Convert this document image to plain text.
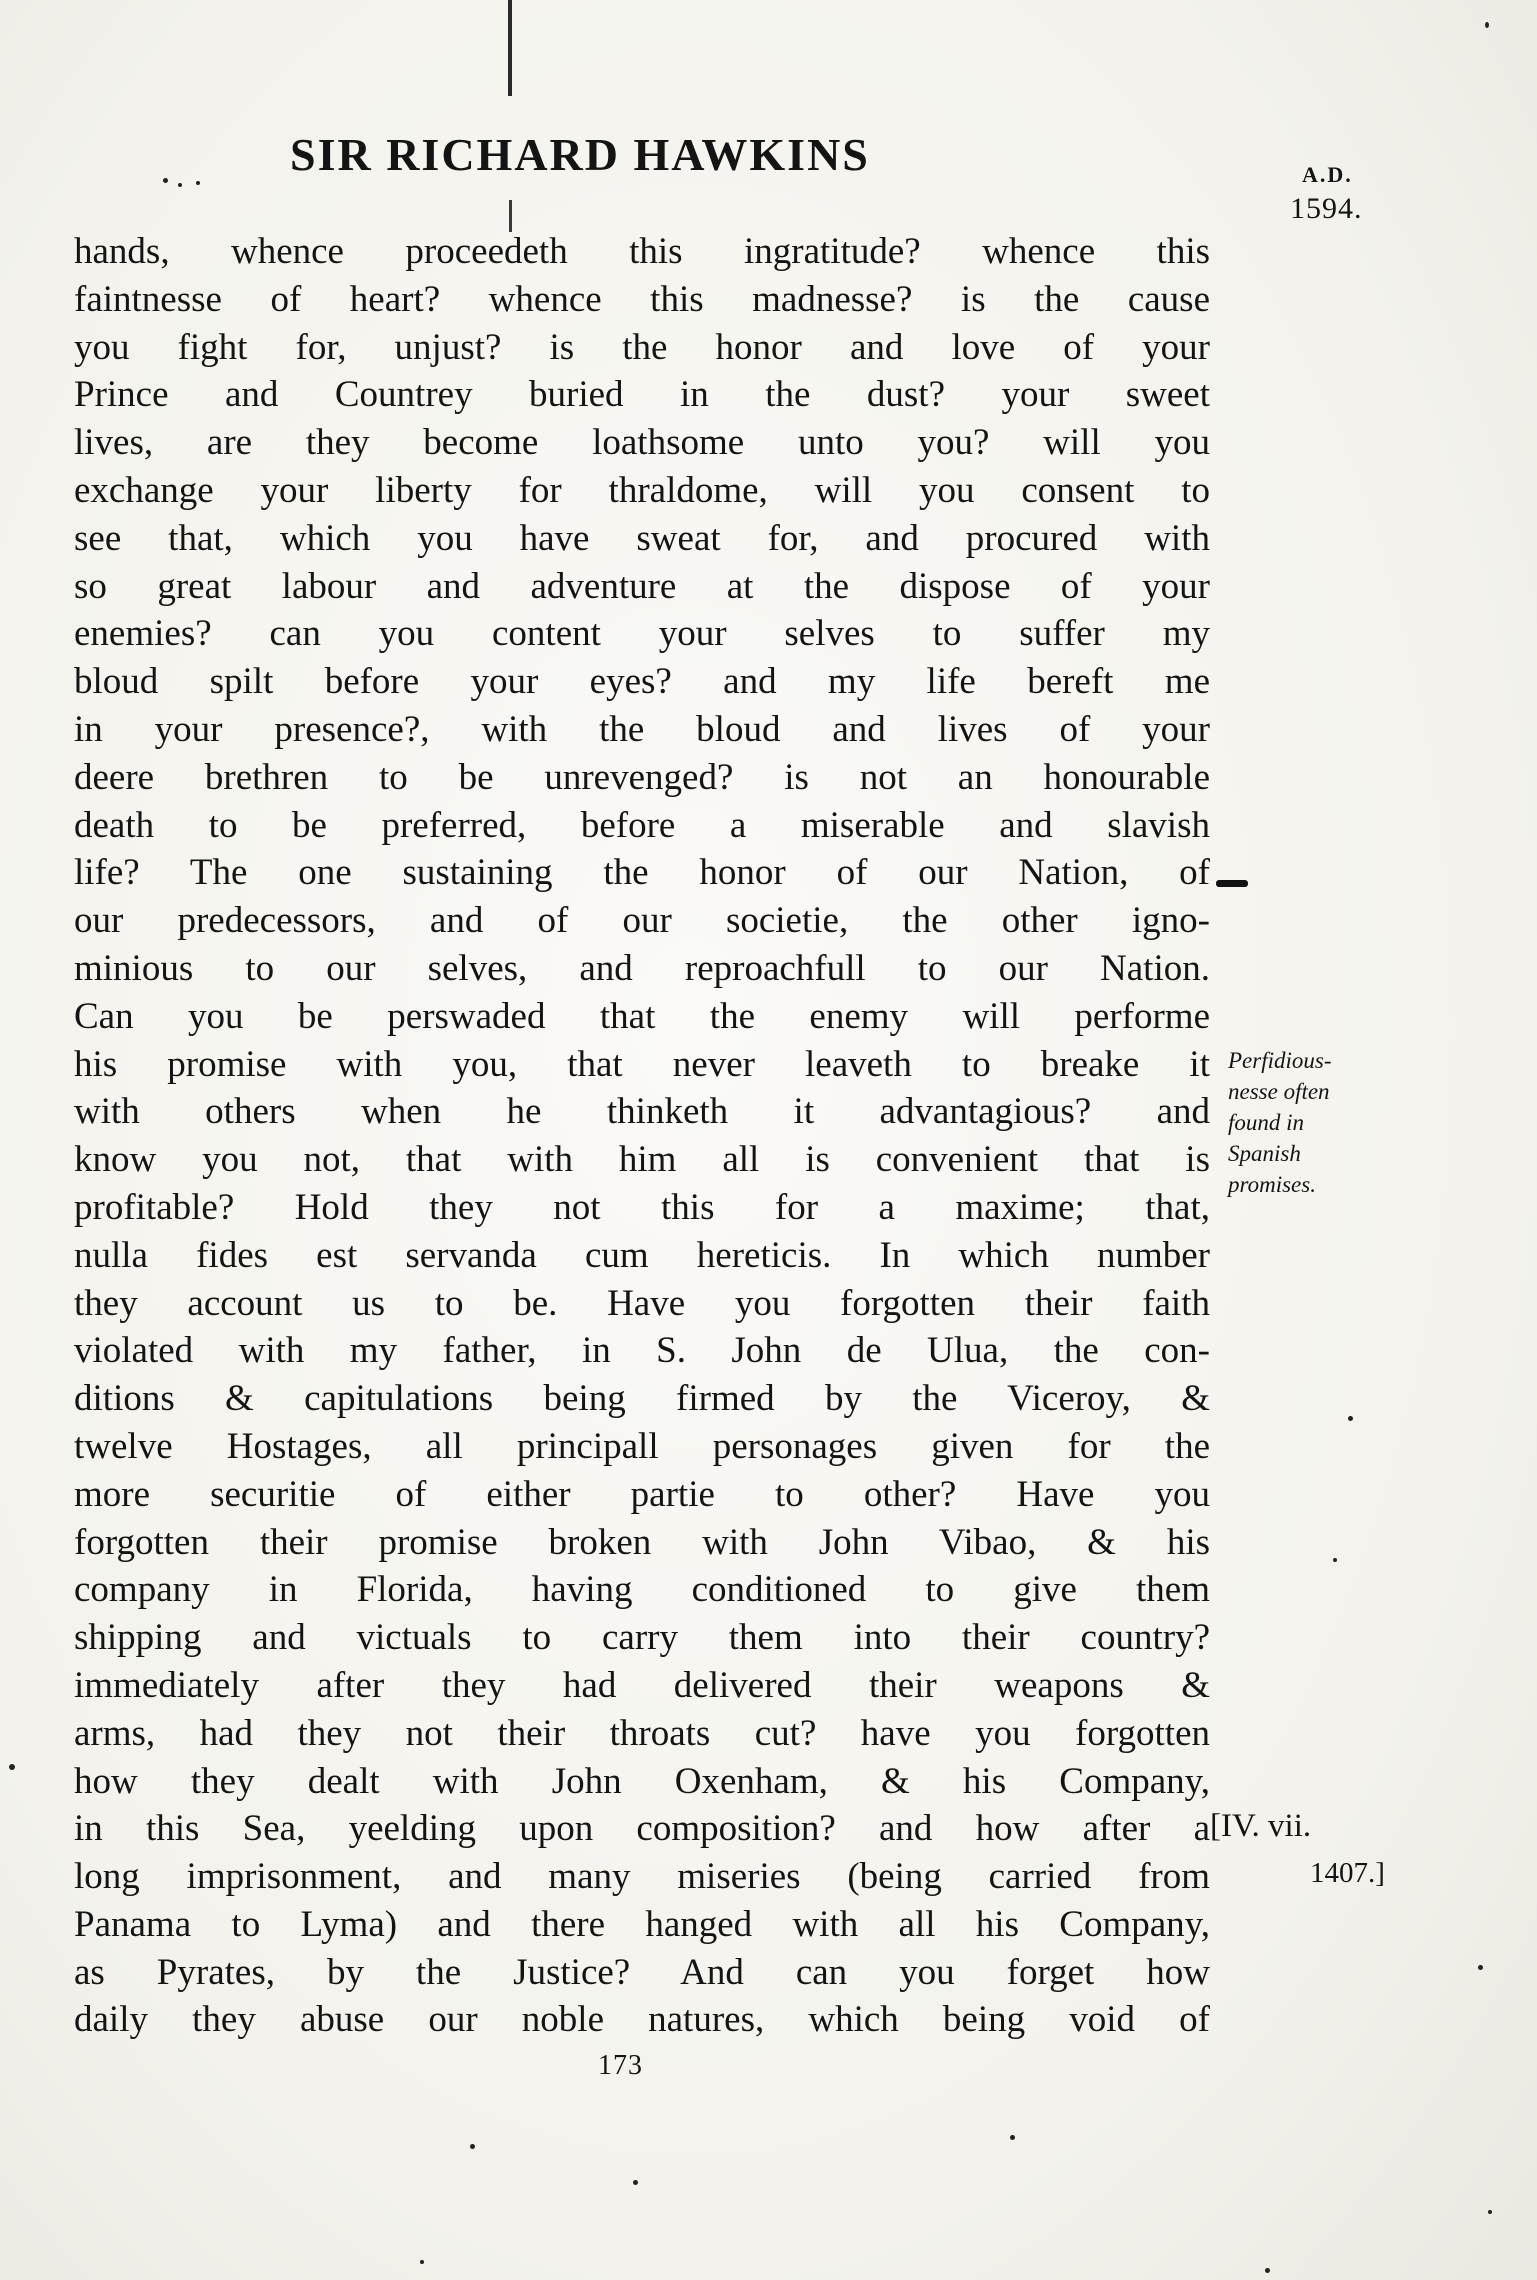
SIR RICHARD HAWKINS	A.D.
1594.
hands, whence proceedeth this ingratitude? whence this
faintnesse of heart? whence this madnesse? is the cause
you fight for, unjust? is the honor and love of your
Prince and Countrey buried in the dust? your sweet
lives, are they become loathsome unto you? will you
exchange your liberty for thraldome, will you consent to
see that, which you have sweat for, and procured with
so great labour and adventure at the dispose of your
enemies? can you content your selves to suffer my
bloud spilt before your eyes? and my life bereft me
in your presence?, with the bloud and lives of your
deere brethren to be unrevenged? is not an honourable
death to be preferred, before a miserable and slavish
life? The one sustaining the honor of our Nation, of
our predecessors, and of our societie, the other igno-
minious to our selves, and reproachfull to our Nation.
Can you be perswaded that the enemy will performe
his promise with you, that never leaveth to breake it
with others when he thinketh it advantagious? and
know you not, that with him all is convenient that is
profitable? Hold they not this for a maxime; that,
nulla fides est servanda cum hereticis. In which number
they account us to be. Have you forgotten their faith
violated with my father, in S. John de Ulua, the con-
ditions & capitulations being firmed by the Viceroy, &
twelve Hostages, all principall personages given for the
more securitie of either partie to other? Have you
forgotten their promise broken with John Vibao, & his
company in Florida, having conditioned to give them
shipping and victuals to carry them into their country?
immediately after they had delivered their weapons &
arms, had they not their throats cut? have you forgotten
how they dealt with John Oxenham, & his Company,
in this Sea, yeelding upon composition? and how after a
long imprisonment, and many miseries (being carried from
Panama to Lyma) and there hanged with all his Company,
as Pyrates, by the Justice? And can you forget how
daily they abuse our noble natures, which being void of
Perfidious-
nesse often
found in
Spanish
promises.
[IV. vii.
1407.]
173
